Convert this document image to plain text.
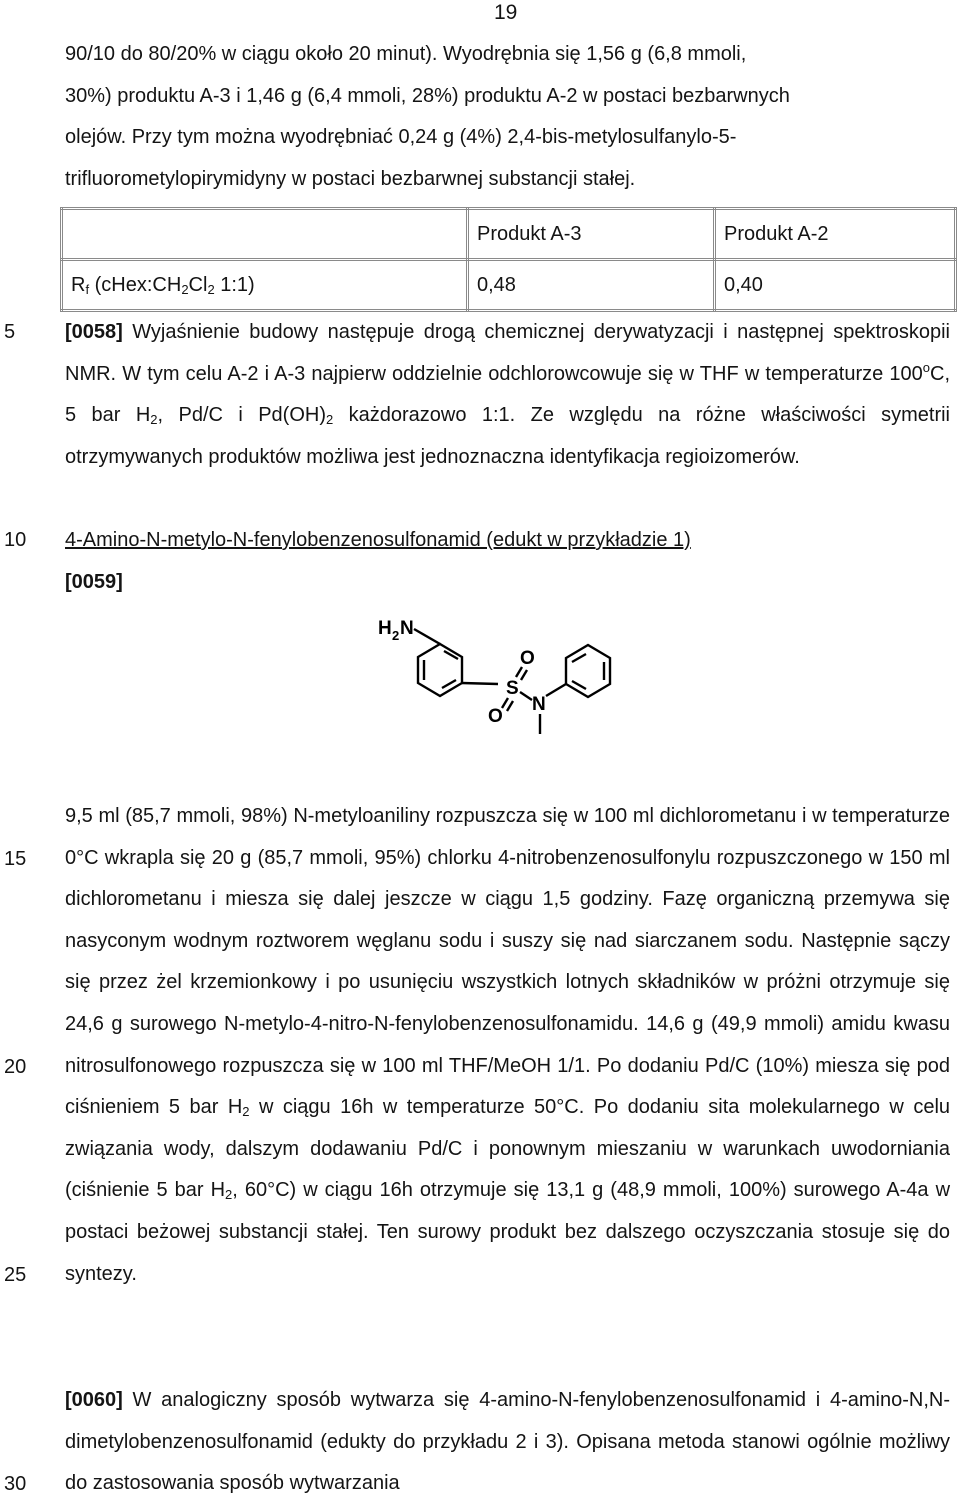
19
5
10
15
20
25
30
90/10 do 80/20% w ciągu około 20 minut). Wyodrębnia się 1,56 g (6,8 mmoli,
30%) produktu A-3 i 1,46 g (6,4 mmoli, 28%) produktu A-2 w postaci bezbarwnych
olejów. Przy tym można wyodrębniać 0,24 g (4%) 2,4-bis-metylosulfanylo-5-
trifluorometylopirymidyny w postaci bezbarwnej substancji stałej.
	Produkt A-3	Produkt A-2
$R_f$ ($cHex:CH_2Cl_2$ 1:1)	0,48	0,40

[0058] Wyjaśnienie budowy następuje drogą chemicznej derywatyzacji i następnej spektroskopii NMR. W tym celu A-2 i A-3 najpierw oddzielnie odchlorowcowuje się w THF w temperaturze 100$^o$C, 5 bar $H_2$, Pd/C i $Pd(OH)_2$ każdorazowo 1:1. Ze względu na różne właściwości symetrii otrzymywanych produktów możliwa jest jednoznaczna identyfikacja regioizomerów.

4-Amino-N-metylo-N-fenylobenzenosulfonamid (edukt w przykładzie 1)
[0059]
H 2 N
S
O
O
N

9,5 ml (85,7 mmoli, 98%) N-metyloaniliny rozpuszcza się w 100 ml dichlorometanu i w temperaturze 0°C wkrapla się 20 g (85,7 mmoli, 95%) chlorku 4-nitrobenzenosulfonylu rozpuszczonego w 150 ml dichlorometanu i miesza się dalej jeszcze w ciągu 1,5 godziny. Fazę organiczną przemywa się nasyconym wodnym roztworem węglanu sodu i suszy się nad siarczanem sodu. Następnie sączy się przez żel krzemionkowy i po usunięciu wszystkich lotnych składników w próżni otrzymuje się 24,6 g surowego N-metylo-4-nitro-N-fenylobenzenosulfonamidu. 14,6 g (49,9 mmoli) amidu kwasu nitrosulfonowego rozpuszcza się w 100 ml THF/MeOH 1/1. Po dodaniu Pd/C (10%) miesza się pod ciśnieniem 5 bar $H_2$ w ciągu 16h w temperaturze 50°C. Po dodaniu sita molekularnego w celu związania wody, dalszym dodawaniu Pd/C i ponownym mieszaniu w warunkach uwodorniania (ciśnienie 5 bar $H_2$, 60°C) w ciągu 16h otrzymuje się 13,1 g (48,9 mmoli, 100%) surowego A-4a w postaci beżowej substancji stałej. Ten surowy produkt bez dalszego oczyszczania stosuje się do syntezy.

[0060] W analogiczny sposób wytwarza się 4-amino-N-fenylobenzenosulfonamid i 4-amino-N,N-dimetylobenzenosulfonamid (edukty do przykładu 2 i 3). Opisana metoda stanowi ogólnie możliwy do zastosowania sposób wytwarzania
